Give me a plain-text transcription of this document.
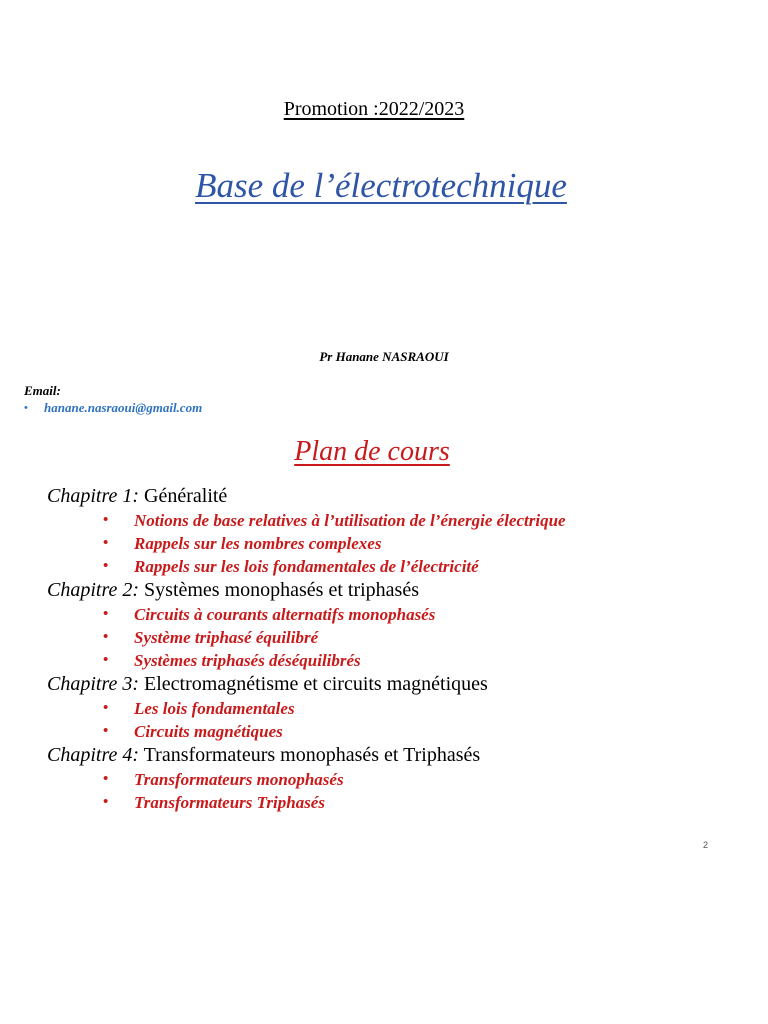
Promotion :2022/2023
Base de l’électrotechnique
Pr Hanane NASRAOUI
Email:
•	hanane.nasraoui@gmail.com
Plan de cours
Chapitre 1: Généralité
•	Notions de base relatives à l’utilisation de l’énergie électrique
•	Rappels sur les nombres complexes
•	Rappels sur les lois fondamentales de l’électricité
Chapitre 2: Systèmes monophasés et triphasés
•	Circuits à courants alternatifs monophasés
•	Système triphasé équilibré
•	Systèmes triphasés déséquilibrés
Chapitre 3: Electromagnétisme et circuits magnétiques
•	Les lois fondamentales
•	Circuits magnétiques
Chapitre 4: Transformateurs monophasés et Triphasés
•	Transformateurs monophasés
•	Transformateurs Triphasés
2
